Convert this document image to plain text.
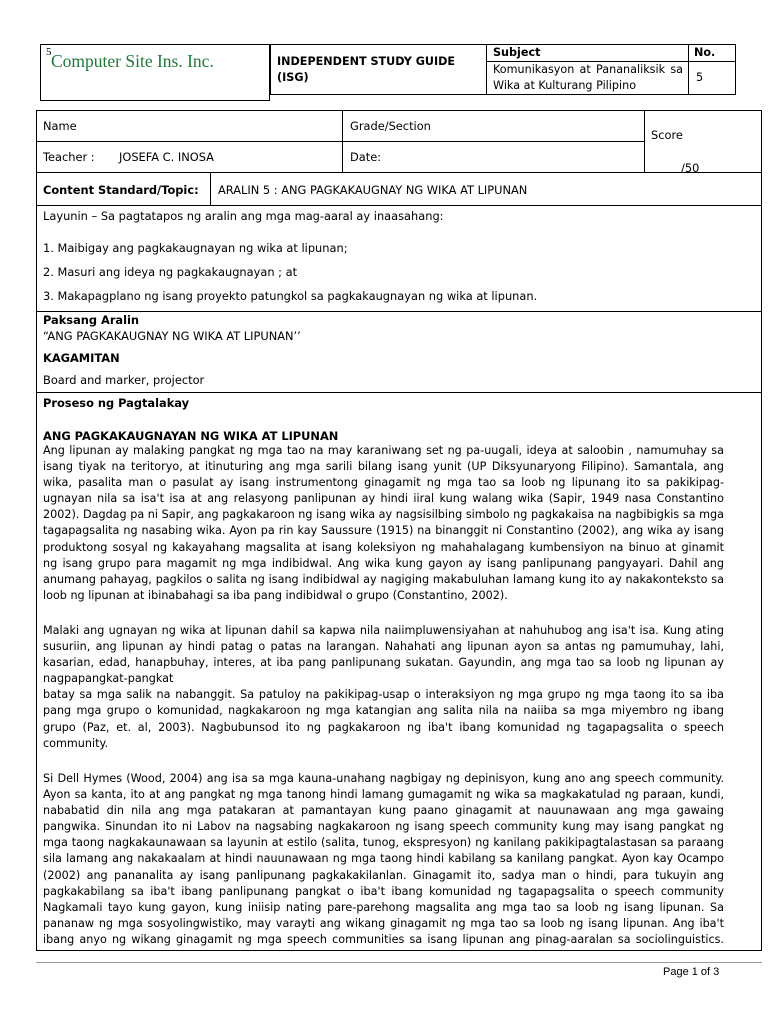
5 Computer Site Ins. Inc.	INDEPENDENT STUDY GUIDE (ISG)
Subject
Komunikasyon at Pananaliksik sa Wika at Kulturang Pilipino
No.
5
Name	Grade/Section
Score
/50
Teacher : JOSEFA C. INOSA	Date:
Content Standard/Topic: ARALIN 5 : ANG PAGKAKAUGNAY NG WIKA AT LIPUNAN
Layunin – Sa pagtatapos ng aralin ang mga mag-aaral ay inaasahang:
1. Maibigay ang pagkakaugnayan ng wika at lipunan;
2. Masuri ang ideya ng pagkakaugnayan ; at
3. Makapagplano ng isang proyekto patungkol sa pagkakaugnayan ng wika at lipunan.
Paksang Aralin
“ANG PAGKAKAUGNAY NG WIKA AT LIPUNAN’’
KAGAMITAN
Board and marker, projector
Proseso ng Pagtalakay
ANG PAGKAKAUGNAYAN NG WIKA AT LIPUNAN
Ang lipunan ay malaking pangkat ng mga tao na may karaniwang set ng pa-uugali, ideya at saloobin , namumuhay sa
isang tiyak na teritoryo, at itinuturing ang mga sarili bilang isang yunit (UP Diksyunaryong Filipino). Samantala, ang
wika, pasalita man o pasulat ay isang instrumentong ginagamit ng mga tao sa loob ng lipunang ito sa pakikipag-
ugnayan nila sa isa't isa at ang relasyong panlipunan ay hindi iiral kung walang wika (Sapir, 1949 nasa Constantino
2002). Dagdag pa ni Sapir, ang pagkakaroon ng isang wika ay nagsisilbing simbolo ng pagkakaisa na nagbibigkis sa mga
tagapagsalita ng nasabing wika. Ayon pa rin kay Saussure (1915) na binanggit ni Constantino (2002), ang wika ay isang
produktong sosyal ng kakayahang magsalita at isang koleksiyon ng mahahalagang kumbensiyon na binuo at ginamit
ng isang grupo para magamit ng mga indibidwal. Ang wika kung gayon ay isang panlipunang pangyayari. Dahil ang
anumang pahayag, pagkilos o salita ng isang indibidwal ay nagiging makabuluhan lamang kung ito ay nakakonteksto sa
loob ng lipunan at ibinabahagi sa iba pang indibidwal o grupo (Constantino, 2002).
Malaki ang ugnayan ng wika at lipunan dahil sa kapwa nila naiimpluwensiyahan at nahuhubog ang isa't isa. Kung ating
susuriin, ang lipunan ay hindi patag o patas na larangan. Nahahati ang lipunan ayon sa antas ng pamumuhay, lahi,
kasarian, edad, hanapbuhay, interes, at iba pang panlipunang sukatan. Gayundin, ang mga tao sa loob ng lipunan ay
nagpapangkat-pangkat
batay sa mga salik na nabanggit. Sa patuloy na pakikipag-usap o interaksiyon ng mga grupo ng mga taong ito sa iba
pang mga grupo o komunidad, nagkakaroon ng mga katangian ang salita nila na naiiba sa mga miyembro ng ibang
grupo (Paz, et. al, 2003). Nagbubunsod ito ng pagkakaroon ng iba't ibang komunidad ng tagapagsalita o speech
community.
Si Dell Hymes (Wood, 2004) ang isa sa mga kauna-unahang nagbigay ng depinisyon, kung ano ang speech community.
Ayon sa kanta, ito at ang pangkat ng mga tanong hindi lamang gumagamit ng wika sa magkakatulad ng paraan, kundi,
nababatid din nila ang mga patakaran at pamantayan kung paano ginagamit at nauunawaan ang mga gawaing
pangwika. Sinundan ito ni Labov na nagsabing nagkakaroon ng isang speech community kung may isang pangkat ng
mga taong nagkakaunawaan sa layunin at estilo (salita, tunog, ekspresyon) ng kanilang pakikipagtalastasan sa paraang
sila lamang ang nakakaalam at hindi nauunawaan ng mga taong hindi kabilang sa kanilang pangkat. Ayon kay Ocampo
(2002) ang pananalita ay isang panlipunang pagkakakilanlan. Ginagamit ito, sadya man o hindi, para tukuyin ang
pagkakabilang sa iba't ibang panlipunang pangkat o iba't ibang komunidad ng tagapagsalita o speech community
Nagkamali tayo kung gayon, kung iniisip nating pare-parehong magsalita ang mga tao sa loob ng isang lipunan. Sa
pananaw ng mga sosyolingwistiko, may varayti ang wikang ginagamit ng mga tao sa loob ng isang lipunan. Ang iba't
ibang anyo ng wikang ginagamit ng mga speech communities sa isang lipunan ang pinag-aaralan sa sociolinguistics.
Page 1 of 3
